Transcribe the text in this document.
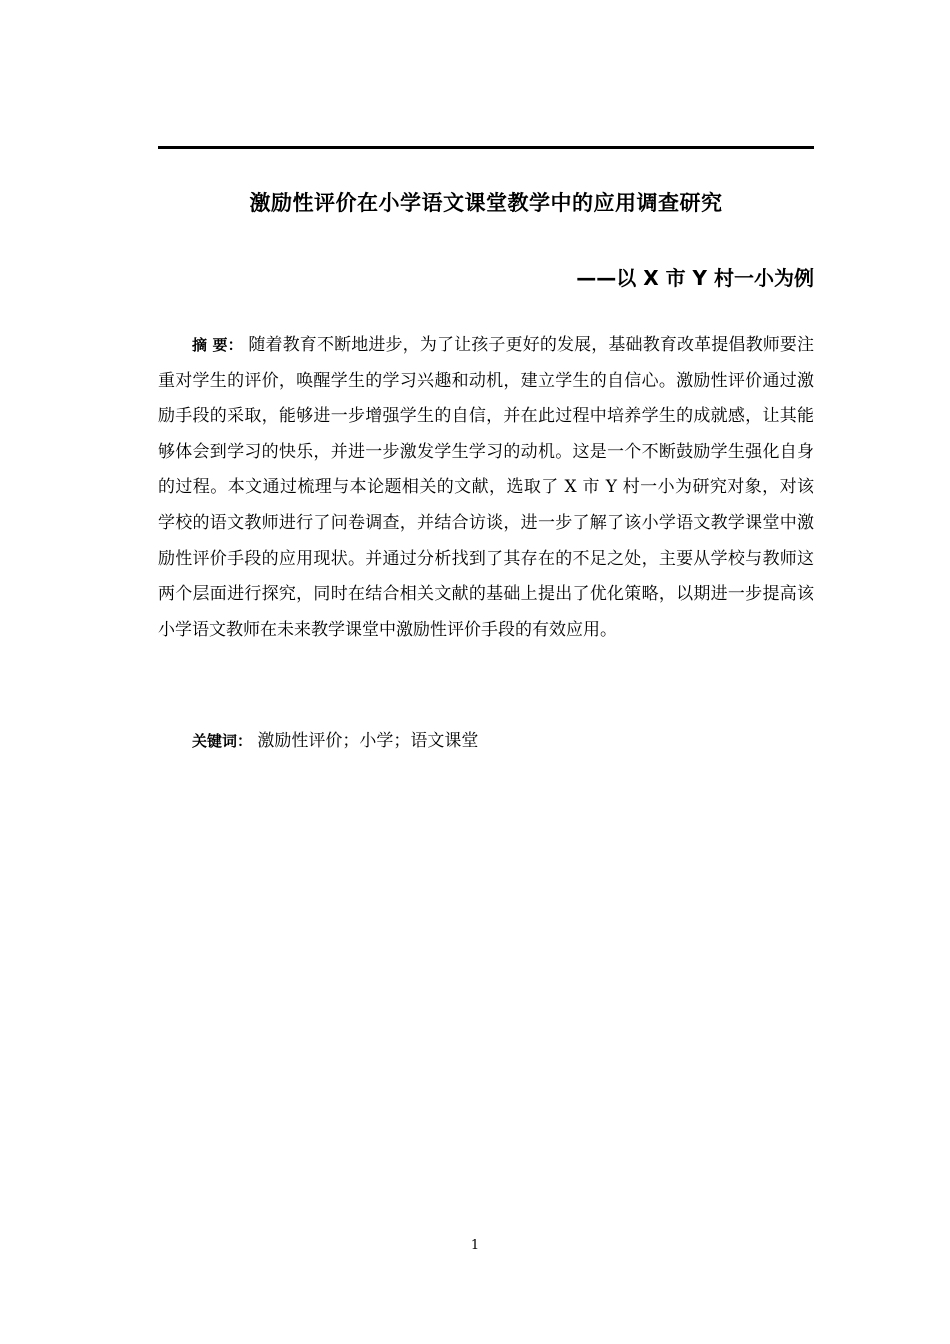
激励性评价在小学语文课堂教学中的应用调查研究
——以 X 市 Y 村一小为例
摘 要： 随着教育不断地进步，为了让孩子更好的发展，基础教育改革提倡教师要注重对学生的评价，唤醒学生的学习兴趣和动机，建立学生的自信心。激励性评价通过激励手段的采取，能够进一步增强学生的自信，并在此过程中培养学生的成就感，让其能够体会到学习的快乐，并进一步激发学生学习的动机。这是一个不断鼓励学生强化自身的过程。本文通过梳理与本论题相关的文献，选取了 X 市 Y 村一小为研究对象，对该学校的语文教师进行了问卷调查，并结合访谈，进一步了解了该小学语文教学课堂中激励性评价手段的应用现状。并通过分析找到了其存在的不足之处，主要从学校与教师这两个层面进行探究，同时在结合相关文献的基础上提出了优化策略，以期进一步提高该小学语文教师在未来教学课堂中激励性评价手段的有效应用。
关键词： 激励性评价；小学；语文课堂
1
